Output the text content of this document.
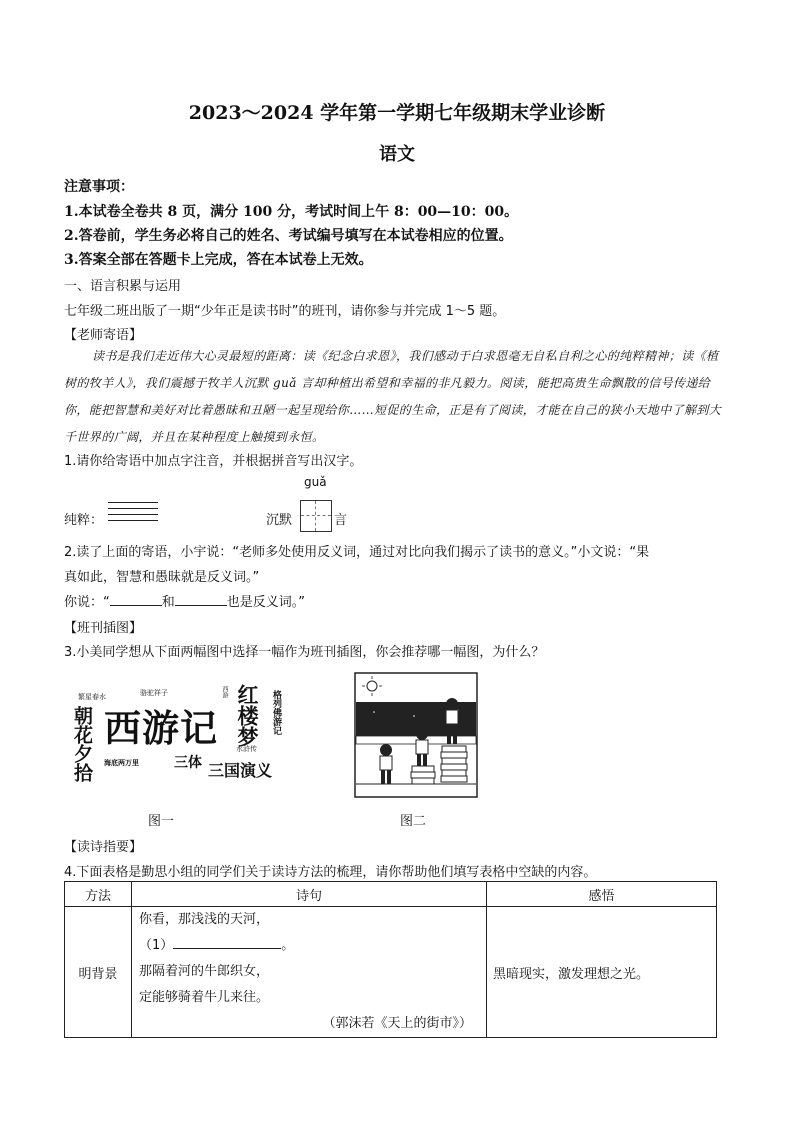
2023～2024 学年第一学期七年级期末学业诊断
语文
注意事项：
1.本试卷全卷共 8 页，满分 100 分，考试时间上午 8：00—10：00。
2.答卷前，学生务必将自己的姓名、考试编号填写在本试卷相应的位置。
3.答案全部在答题卡上完成，答在本试卷上无效。
一、语言积累与运用
七年级二班出版了一期“少年正是读书时”的班刊，请你参与并完成 1～5 题。
【老师寄语】
读书是我们走近伟大心灵最短的距离：读《纪念白求恩》，我们感动于白求恩毫无自私自利之心的纯粹精神；读《植树的牧羊人》，我们震撼于牧羊人沉默 guǎ 言却种植出希望和幸福的非凡毅力。阅读，能把高贵生命飘散的信号传递给你，能把智慧和美好对比着愚昧和丑陋一起呈现给你……短促的生命，正是有了阅读，才能在自己的狭小天地中了解到大千世界的广阔，并且在某种程度上触摸到永恒。
1.请你给寄语中加点字注音，并根据拼音写出汉字。
guǎ
纯粹：	沉默	言
2.读了上面的寄语，小宇说：“老师多处使用反义词，通过对比向我们揭示了读书的意义。”小文说：“果
真如此，智慧和愚昧就是反义词。”
你说：“	和	也是反义词。”
【班刊插图】
3.小美同学想从下面两幅图中选择一幅作为班刊插图，你会推荐哪一幅图，为什么？
繁星春水	骆驼祥子
朝花夕拾 西游记
西游 红楼梦	格列佛游记
水浒传
三体
海底两万里	三国演义
图一	图二
【读诗指要】
4.下面表格是勤思小组的同学们关于读诗方法的梳理，请你帮助他们填写表格中空缺的内容。
方法	诗句	感悟
明背景	你看，那浅浅的天河，
（1） 。
那隔着河的牛郎织女，
定能够骑着牛儿来往。
（郭沫若《天上的街市》）	黑暗现实，激发理想之光。
